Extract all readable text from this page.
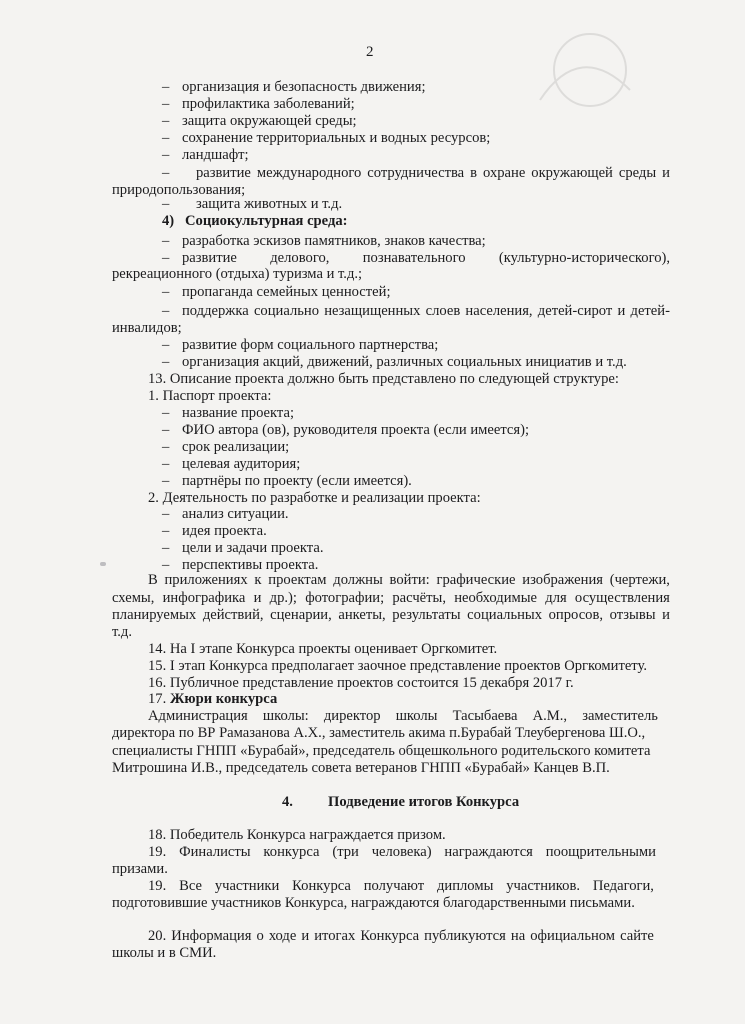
2
– организация и безопасность движения;
– профилактика заболеваний;
– защита окружающей среды;
– сохранение территориальных и водных ресурсов;
– ландшафт;
– развитие международного сотрудничества в охране окружающей среды и
природопользования;
– защита животных и т.д.
4) Социокультурная среда:
– разработка эскизов памятников, знаков качества;
– развитие делового, познавательного (культурно-исторического),
рекреационного (отдыха) туризма и т.д.;
– пропаганда семейных ценностей;
– поддержка социально незащищенных слоев населения, детей-сирот и детей-
инвалидов;
– развитие форм социального партнерства;
– организация акций, движений, различных социальных инициатив и т.д.
13. Описание проекта должно быть представлено по следующей структуре:
1. Паспорт проекта:
– название проекта;
– ФИО автора (ов), руководителя проекта (если имеется);
– срок реализации;
– целевая аудитория;
– партнёры по проекту (если имеется).
2. Деятельность по разработке и реализации проекта:
– анализ ситуации.
– идея проекта.
– цели и задачи проекта.
– перспективы проекта.
В приложениях к проектам должны войти: графические изображения (чертежи,
схемы, инфографика и др.); фотографии; расчёты, необходимые для осуществления
планируемых действий, сценарии, анкеты, результаты социальных опросов, отзывы и
т.д.
14. На I этапе Конкурса проекты оценивает Оргкомитет.
15. I этап Конкурса предполагает заочное представление проектов Оргкомитету.
16. Публичное представление проектов состоится 15 декабря 2017 г.
17. Жюри конкурса
Администрация школы: директор школы Тасыбаева А.М., заместитель
директора по ВР Рамазанова А.Х., заместитель акима п.Бурабай Тлеубергенова Ш.О.,
специалисты ГНПП «Бурабай», председатель общешкольного родительского комитета
Митрошина И.В., председатель совета ветеранов ГНПП «Бурабай» Канцев В.П.
4. Подведение итогов Конкурса
18. Победитель Конкурса награждается призом.
19. Финалисты конкурса (три человека) награждаются поощрительными
призами.
19. Все участники Конкурса получают дипломы участников. Педагоги,
подготовившие участников Конкурса, награждаются благодарственными письмами.
20. Информация о ходе и итогах Конкурса публикуются на официальном сайте
школы и в СМИ.
